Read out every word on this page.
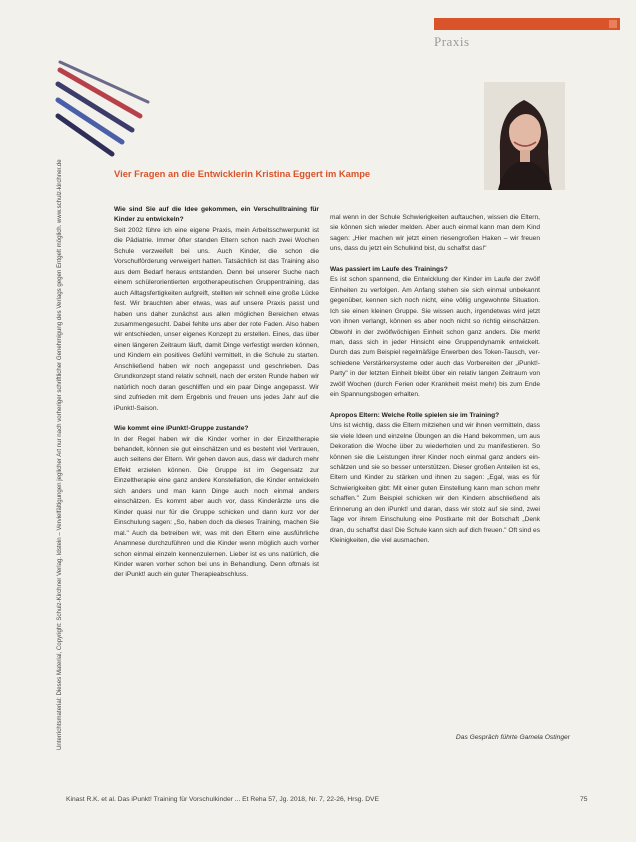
Praxis
Unterrichtsmaterial: Dieses Material, Copyright: Schulz-Kirchner Verlag. Idstein – Vervielfältigungen jeglicher Art nur nach vorheriger schriftlicher Genehmigung des Verlags gegen Entgelt möglich. www.schulz-kirchner.de	Vier Fragen an die Entwicklerin Kristina Eggert im Kampe

Wie sind Sie auf die Idee gekommen, ein Verschulltraining für Kinder zu entwickeln?

Seit 2002 führe ich eine eigene Praxis, mein Arbeitsschwerpunkt ist die Pädiatrie. Immer öfter standen Eltern schon nach zwei Wochen Schule verzweifelt bei uns. Auch Kinder, die schon die Vorschulförderung verweigert hatten. Tatsächlich ist das Training also aus dem Bedarf heraus entstanden. Denn bei unserer Suche nach einem schülerorientierten ergotherapeutischen Gruppentraining, das auch Alltagsfertigkeiten aufgreift, stellten wir schnell eine große Lücke fest. Wir brauchten aber etwas, was auf unsere Praxis passt und haben uns daher zunächst aus allen möglichen Bereichen etwas zusammengesucht. Dabei fehlte uns aber der rote Faden. Also haben wir entschieden, unser eigenes Konzept zu erstellen. Eines, das über einen längeren Zeitraum läuft, damit Dinge verfestigt werden können, und Kindern ein positives Gefühl vermittelt, in die Schule zu starten. Anschließend haben wir noch angepasst und geschrieben. Das Grundkonzept stand relativ schnell, nach der ersten Runde haben wir natürlich noch daran geschliffen und ein paar Dinge angepasst. Wir sind zufrieden mit dem Ergebnis und freuen uns jedes Jahr auf die iPunkt!-Saison.

Wie kommt eine iPunkt!-Gruppe zustande?

In der Regel haben wir die Kinder vorher in der Einzeltherapie behandelt, können sie gut einschätzen und es besteht viel Vertrauen, auch seitens der Eltern. Wir gehen davon aus, dass wir dadurch mehr Effekt erzielen können. Die Gruppe ist im Gegensatz zur Einzeltherapie eine ganz andere Konstellation, die Kinder entwickeln sich anders und man kann Dinge auch noch einmal anders einschätzen. Es kommt aber auch vor, dass Kinderärzte uns die Kinder quasi nur für die Gruppe schicken und dann kurz vor der Einschulung sagen: „So, haben doch da dieses Training, machen Sie mal." Auch da betreiben wir, was mit den Eltern eine ausführliche Anamnese durchzuführen und die Kinder wenn möglich auch vorher schon einmal einzeln kennenzulernen. Lieber ist es uns natürlich, die Kinder waren vorher schon bei uns in Behandlung. Denn oftmals ist der iPunkt! auch ein guter Therapieabschluss.

mal wenn in der Schule Schwierigkeiten auftauchen, wissen die Eltern, sie können sich wieder melden. Aber auch einmal kann man dem Kind sagen: „Hier machen wir jetzt einen riesengroßen Haken – wir freuen uns, dass du jetzt ein Schulkind bist, du schaffst das!"

Was passiert im Laufe des Trainings?

Es ist schon spannend, die Entwicklung der Kinder im Laufe der zwölf Einheiten zu verfolgen. Am Anfang stehen sie sich einmal unbekannt gegenüber, kennen sich noch nicht, eine völlig ungewohnte Situation. Ich sie einen kleinen Gruppe. Sie wissen auch, irgendetwas wird jetzt von ihnen verlangt, können es aber noch nicht so richtig einschätzen. Obwohl in der zwölfwöchigen Einheit schon ganz anders. Die merkt man, dass sich in jeder Hinsicht eine Gruppendynamik entwickelt. Durch das zum Beispiel regelmäßige Erwerben des Token-Tausch, verschiedene Verstärkersysteme oder auch das Vorbereiten der „iPunkt!-Party" in der letzten Einheit bleibt über ein relativ langen Zeitraum von zwölf Wochen (durch Ferien oder Krankheit meist mehr) bis zum Ende ein Spannungsbogen erhalten.

Apropos Eltern: Welche Rolle spielen sie im Training?

Uns ist wichtig, dass die Eltern mitziehen und wir ihnen vermitteln, dass sie viele Ideen und einzelne Übungen an die Hand bekommen, um aus Dekoration die Woche über zu wiederholen und zu manifestieren. So können sie die Leistungen ihrer Kinder noch einmal ganz anders einschätzen und sie so besser unterstützen. Dieser großen Anteilen ist es, Eltern und Kinder zu stärken und ihnen zu sagen: „Egal, was es für Schwierigkeiten gibt: Mit einer guten Einstellung kann man schon mehr schaffen." Zum Beispiel schicken wir den Kindern abschließend als Erinnerung an den iPunkt! und daran, dass wir stolz auf sie sind, zwei Tage vor ihrem Einschulung eine Postkarte mit der Botschaft „Denk dran, du schaffst das! Die Schule kann sich auf dich freuen." Oft sind es Kleinigkeiten, die viel ausmachen.

Das Gespräch führte Gamela Ostinger
Kinast R.K. et al. Das iPunkt! Training für Vorschulkinder ... Et Reha 57, Jg. 2018, Nr. 7, 22-26, Hrsg. DVE	75
